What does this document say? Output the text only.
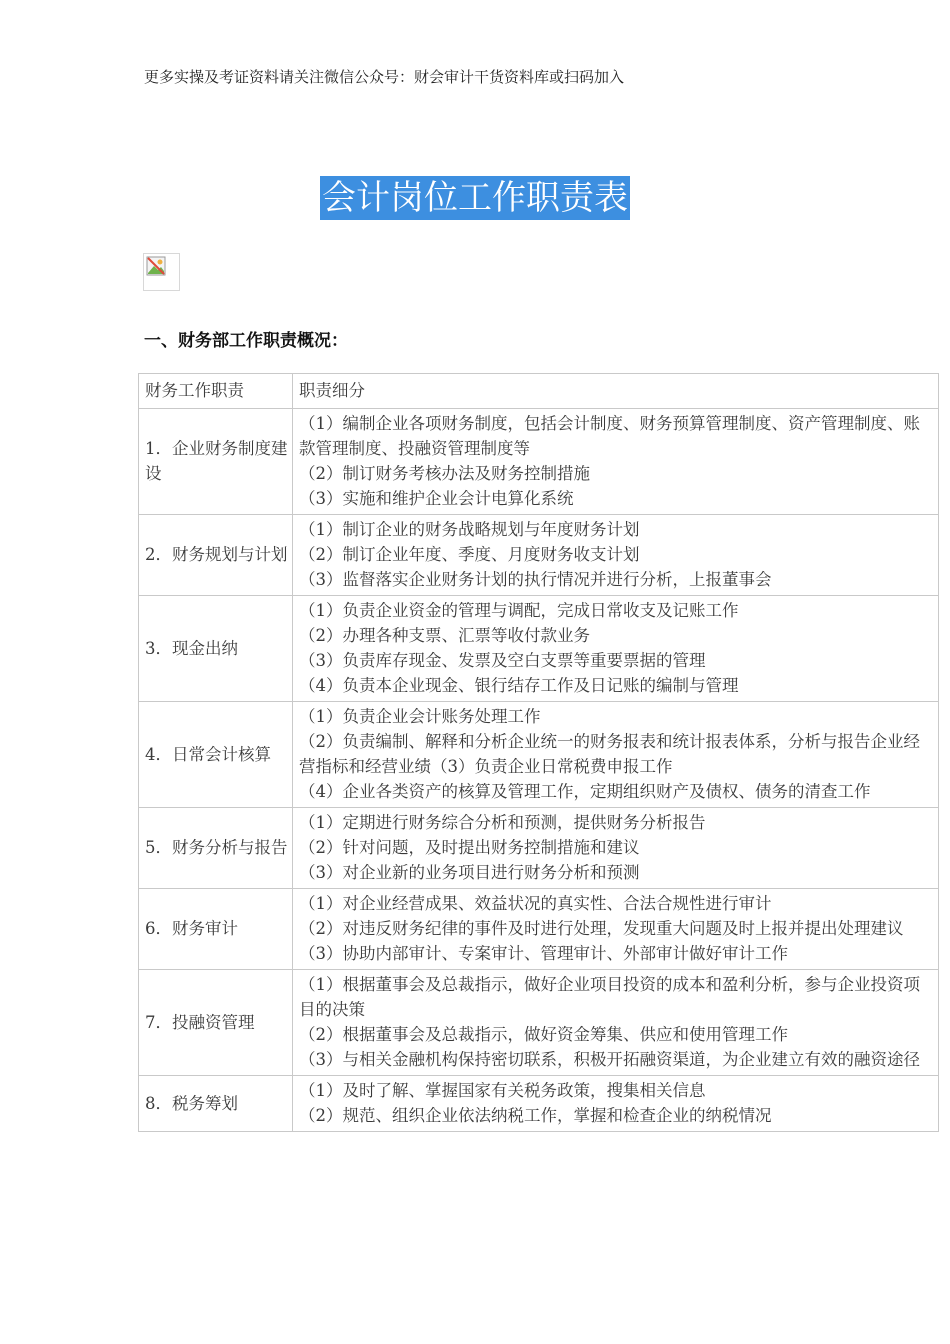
更多实操及考证资料请关注微信公众号：财会审计干货资料库或扫码加入
会计岗位工作职责表
一、财务部工作职责概况：
财务工作职责	职责细分
1．企业财务制度建设	（1）编制企业各项财务制度，包括会计制度、财务预算管理制度、资产管理制度、账款管理制度、投融资管理制度等
（2）制订财务考核办法及财务控制措施
（3）实施和维护企业会计电算化系统

2．财务规划与计划	（1）制订企业的财务战略规划与年度财务计划
（2）制订企业年度、季度、月度财务收支计划
（3）监督落实企业财务计划的执行情况并进行分析，上报董事会

3．现金出纳	（1）负责企业资金的管理与调配，完成日常收支及记账工作
（2）办理各种支票、汇票等收付款业务
（3）负责库存现金、发票及空白支票等重要票据的管理
（4）负责本企业现金、银行结存工作及日记账的编制与管理

4．日常会计核算	（1）负责企业会计账务处理工作
（2）负责编制、解释和分析企业统一的财务报表和统计报表体系，分析与报告企业经营指标和经营业绩（3）负责企业日常税费申报工作
（4）企业各类资产的核算及管理工作，定期组织财产及债权、债务的清查工作

5．财务分析与报告	（1）定期进行财务综合分析和预测，提供财务分析报告
（2）针对问题，及时提出财务控制措施和建议
（3）对企业新的业务项目进行财务分析和预测

6．财务审计	（1）对企业经营成果、效益状况的真实性、合法合规性进行审计
（2）对违反财务纪律的事件及时进行处理，发现重大问题及时上报并提出处理建议
（3）协助内部审计、专案审计、管理审计、外部审计做好审计工作

7．投融资管理	（1）根据董事会及总裁指示，做好企业项目投资的成本和盈利分析，参与企业投资项目的决策
（2）根据董事会及总裁指示，做好资金筹集、供应和使用管理工作
（3）与相关金融机构保持密切联系，积极开拓融资渠道，为企业建立有效的融资途径

8．税务筹划	（1）及时了解、掌握国家有关税务政策，搜集相关信息
（2）规范、组织企业依法纳税工作，掌握和检查企业的纳税情况
